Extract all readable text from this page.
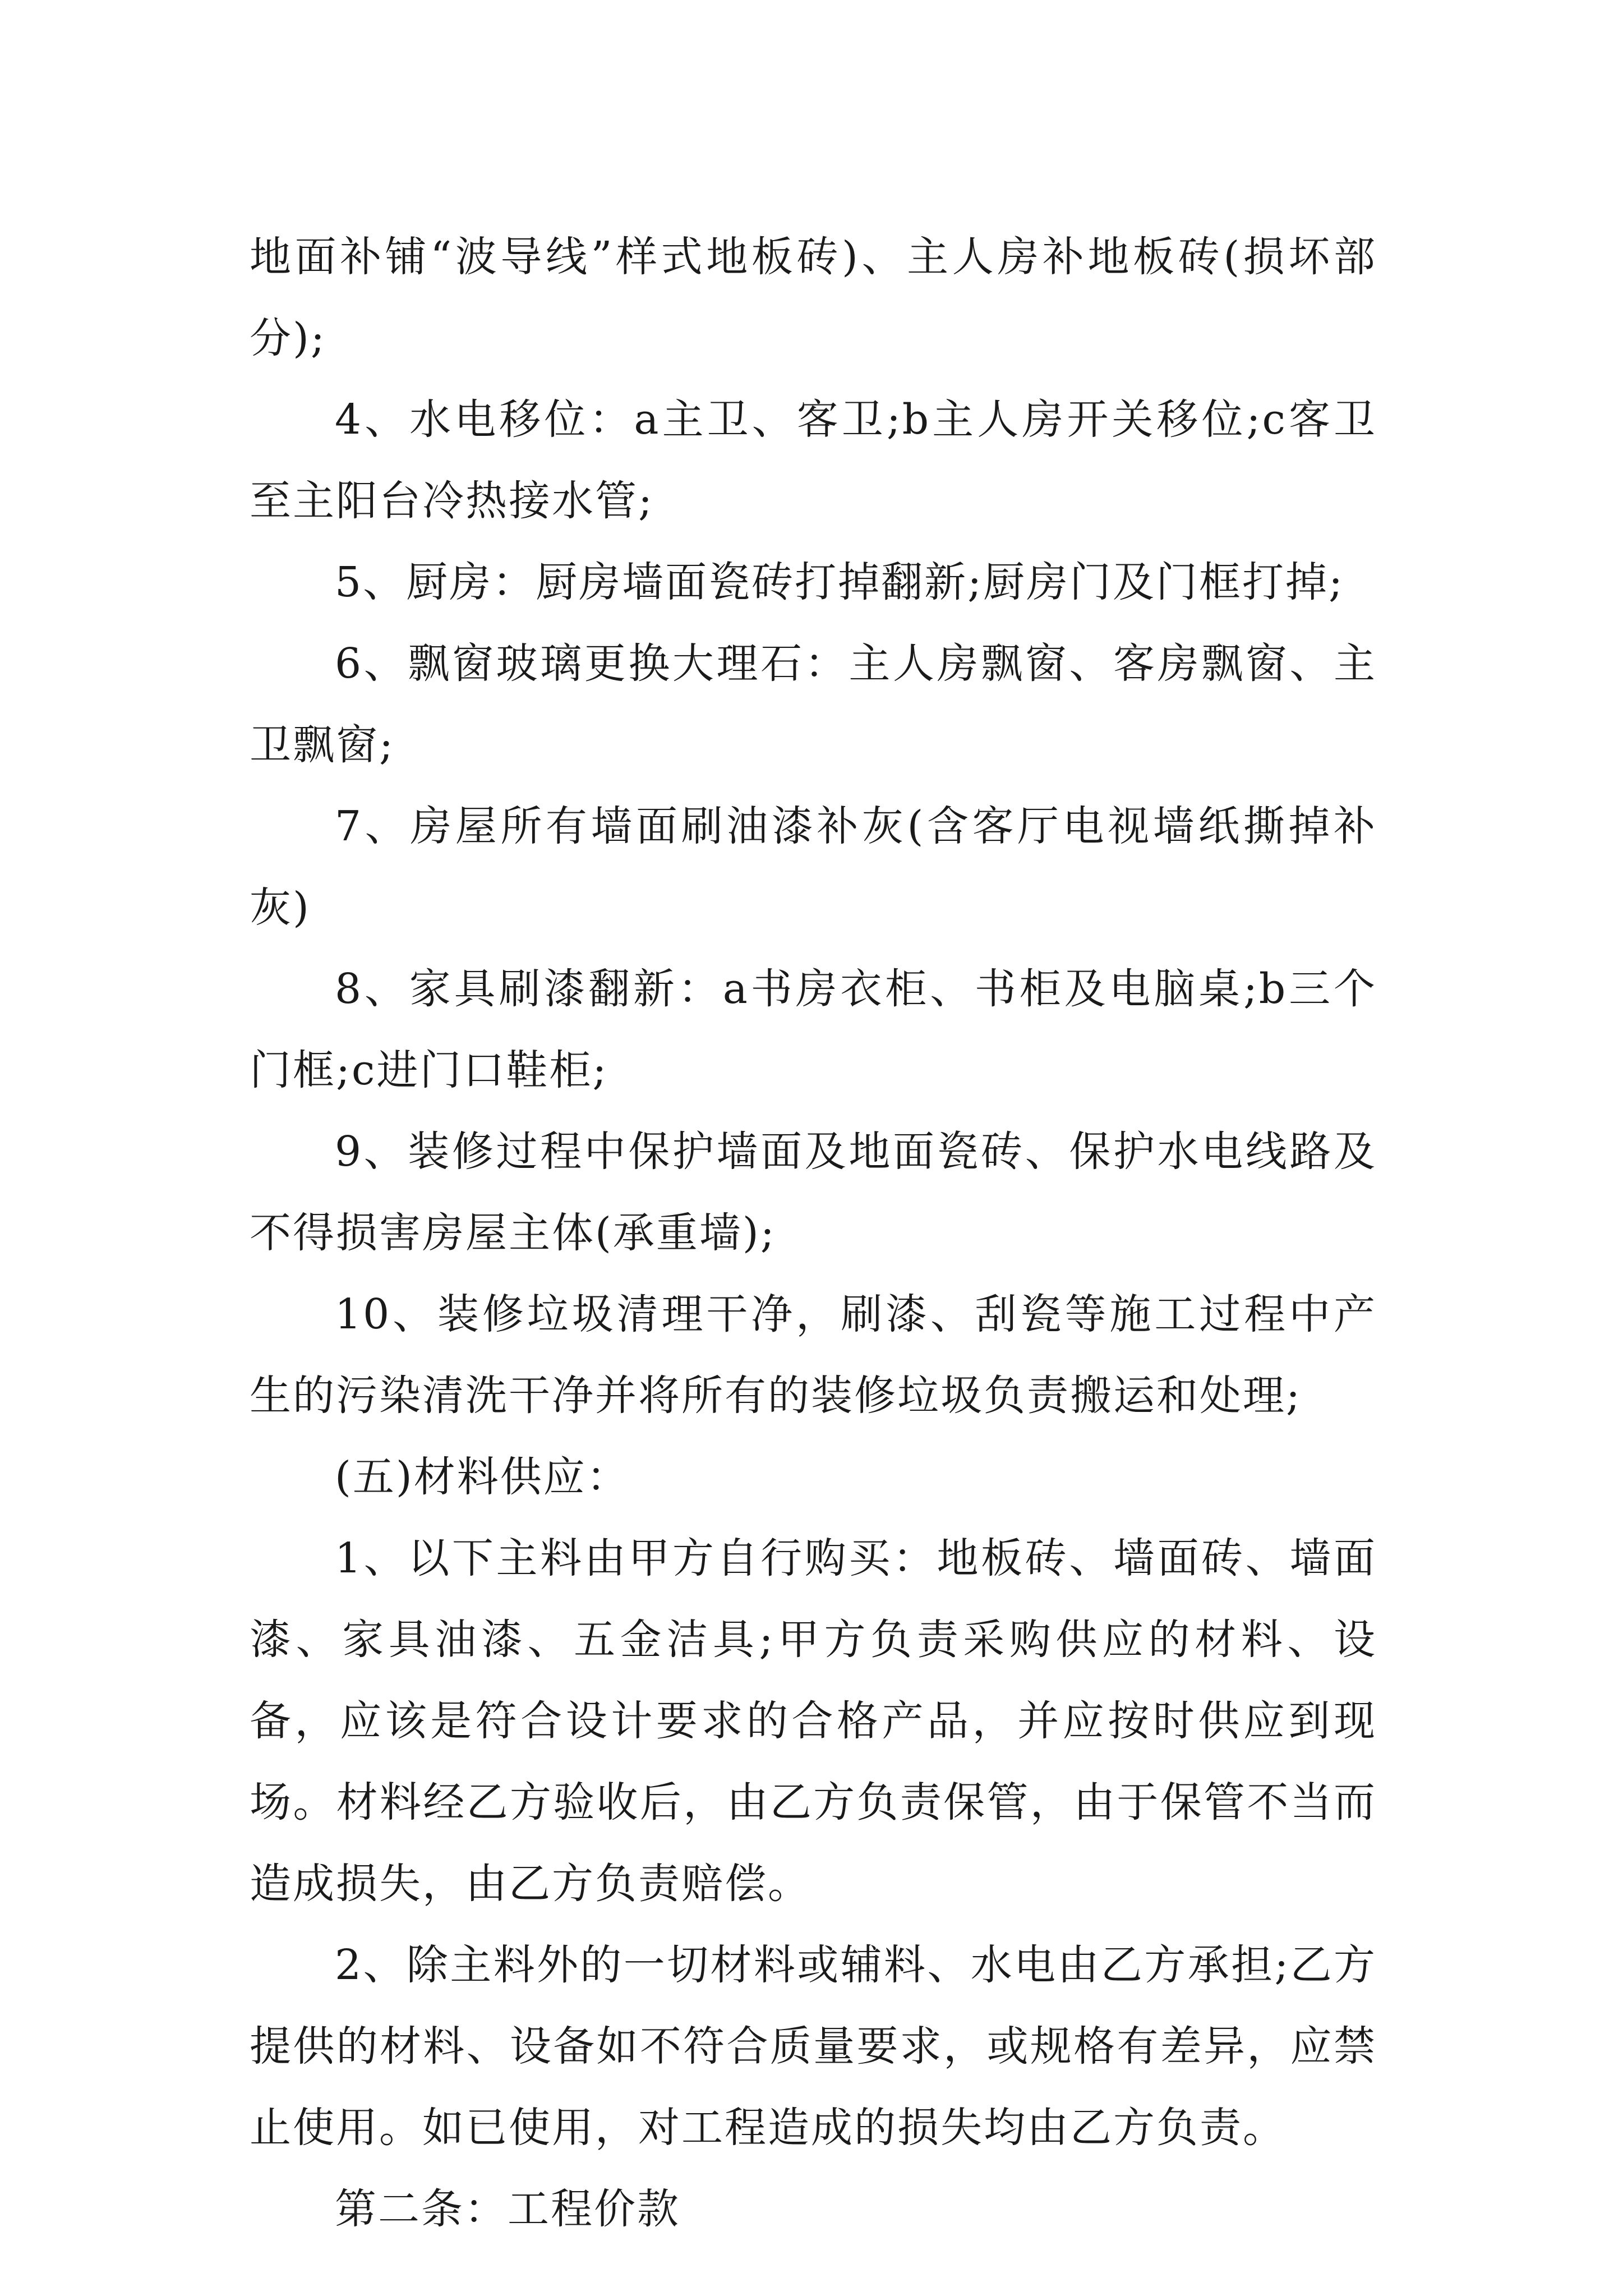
地面补铺“波导线”样式地板砖)、主人房补地板砖(损坏部分);

4、水电移位：a主卫、客卫;b主人房开关移位;c客卫至主阳台冷热接水管;

5、厨房：厨房墙面瓷砖打掉翻新;厨房门及门框打掉;

6、飘窗玻璃更换大理石：主人房飘窗、客房飘窗、主卫飘窗;

7、房屋所有墙面刷油漆补灰(含客厅电视墙纸撕掉补灰)

8、家具刷漆翻新：a书房衣柜、书柜及电脑桌;b三个门框;c进门口鞋柜;

9、装修过程中保护墙面及地面瓷砖、保护水电线路及不得损害房屋主体(承重墙);

10、装修垃圾清理干净，刷漆、刮瓷等施工过程中产生的污染清洗干净并将所有的装修垃圾负责搬运和处理;

(五)材料供应：

1、以下主料由甲方自行购买：地板砖、墙面砖、墙面漆、家具油漆、五金洁具;甲方负责采购供应的材料、设备，应该是符合设计要求的合格产品，并应按时供应到现场。材料经乙方验收后，由乙方负责保管，由于保管不当而造成损失，由乙方负责赔偿。

2、除主料外的一切材料或辅料、水电由乙方承担;乙方提供的材料、设备如不符合质量要求，或规格有差异，应禁止使用。如已使用，对工程造成的损失均由乙方负责。

第二条：工程价款
